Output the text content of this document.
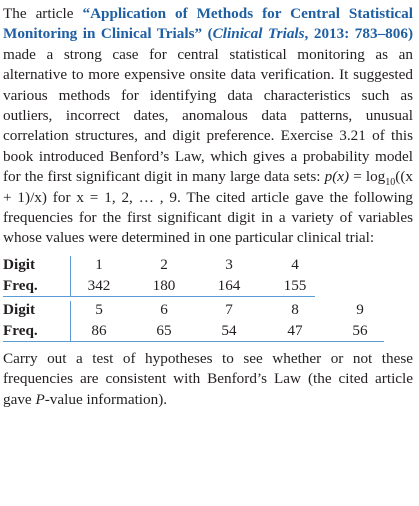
The article “Application of Methods for Central Statistical Monitoring in Clinical Trials” (Clinical Trials, 2013: 783–806) made a strong case for central statistical monitoring as an alternative to more expensive onsite data verification. It suggested various methods for identifying data characteristics such as outliers, incorrect dates, anomalous data patterns, unusual correlation structures, and digit preference. Exercise 3.21 of this book introduced Benford’s Law, which gives a probability model for the first significant digit in many large data sets: $p(x) = \log_{10}((x + 1)/x)$ for x = 1, 2, … , 9. The cited article gave the following frequencies for the first significant digit in a variety of variables whose values were determined in one particular clinical trial:

Digit	1	2	3	4
Freq.	342	180	164	155
Digit	5	6	7	8	9
Freq.	86	65	54	47	56

Carry out a test of hypotheses to see whether or not these frequencies are consistent with Benford’s Law (the cited article gave P-value information).
